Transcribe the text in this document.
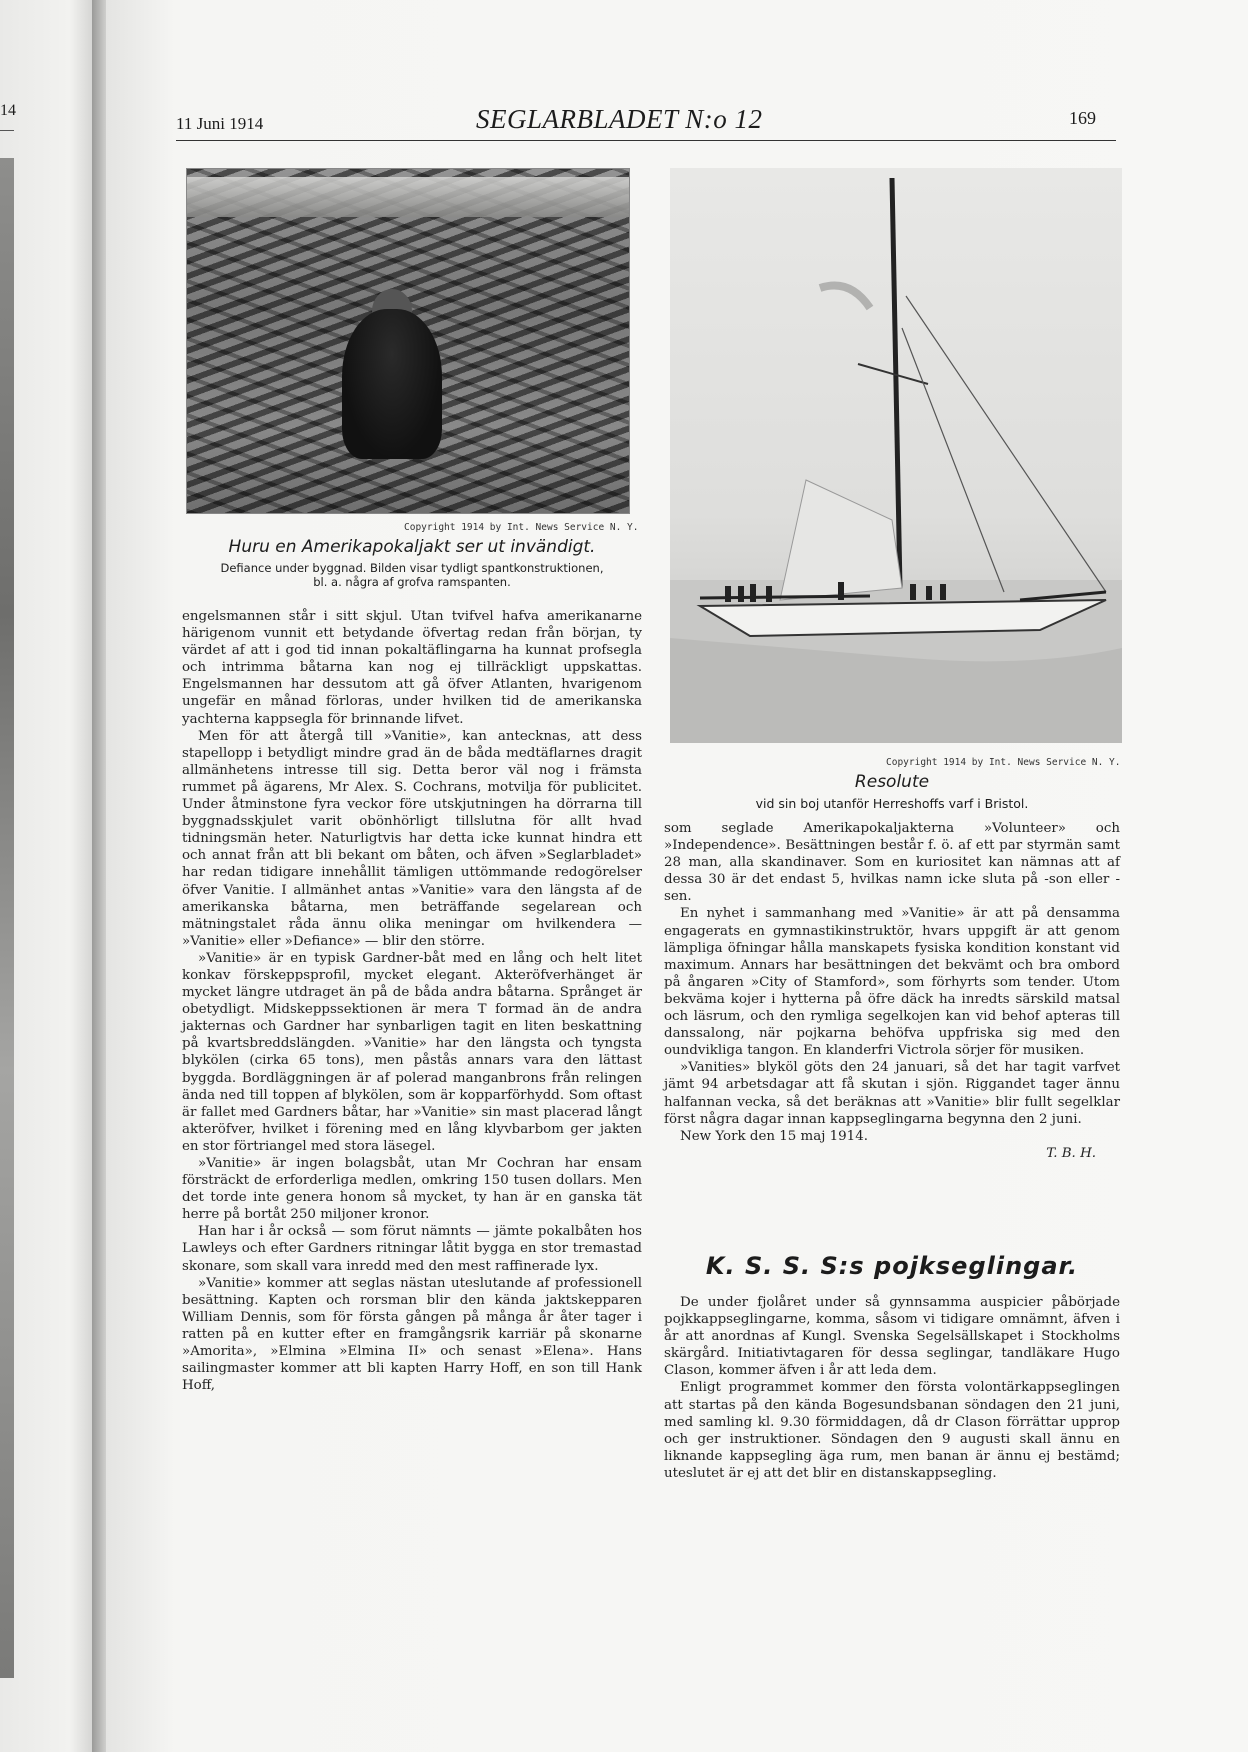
14
11 Juni 1914	SEGLARBLADET N:o 12	169
Copyright 1914 by Int. News Service N. Y.
Huru en Amerikapokaljakt ser ut invändigt.
Defiance under byggnad. Bilden visar tydligt spantkonstruktionen,
bl. a. några af grofva ramspanten.
Copyright 1914 by Int. News Service N. Y.
Resolute
vid sin boj utanför Herreshoffs varf i Bristol.

engelsmannen står i sitt skjul. Utan tvifvel hafva amerikanarne härigenom vunnit ett betydande öfvertag redan från början, ty värdet af att i god tid innan pokaltäflingarna ha kunnat profsegla och intrimma båtarna kan nog ej tillräckligt uppskattas. Engelsmannen har dessutom att gå öfver Atlanten, hvarigenom ungefär en månad förloras, under hvilken tid de amerikanska yachterna kappsegla för brinnande lifvet.

Men för att återgå till »Vanitie», kan antecknas, att dess stapellopp i betydligt mindre grad än de båda medtäflarnes dragit allmänhetens intresse till sig. Detta beror väl nog i främsta rummet på ägarens, Mr Alex. S. Cochrans, motvilja för publicitet. Under åtminstone fyra veckor före utskjutningen ha dörrarna till byggnadsskjulet varit obönhörligt tillslutna för allt hvad tidningsmän heter. Naturligtvis har detta icke kunnat hindra ett och annat från att bli bekant om båten, och äfven »Seglarbladet» har redan tidigare innehållit tämligen uttömmande redogörelser öfver Vanitie. I allmänhet antas »Vanitie» vara den längsta af de amerikanska båtarna, men beträffande segelarean och mätningstalet råda ännu olika meningar om hvilkendera — »Vanitie» eller »Defiance» — blir den större.

»Vanitie» är en typisk Gardner-båt med en lång och helt litet konkav förskeppsprofil, mycket elegant. Akteröfverhänget är mycket längre utdraget än på de båda andra båtarna. Språnget är obetydligt. Midskeppssektionen är mera T formad än de andra jakternas och Gardner har synbarligen tagit en liten beskattning på kvartsbreddslängden. »Vanitie» har den längsta och tyngsta blykölen (cirka 65 tons), men påstås annars vara den lättast byggda. Bordläggningen är af polerad manganbrons från relingen ända ned till toppen af blykölen, som är kopparförhydd. Som oftast är fallet med Gardners båtar, har »Vanitie» sin mast placerad långt akteröfver, hvilket i förening med en lång klyvbarbom ger jakten en stor förtriangel med stora läsegel.

»Vanitie» är ingen bolagsbåt, utan Mr Cochran har ensam försträckt de erforderliga medlen, omkring 150 tusen dollars. Men det torde inte genera honom så mycket, ty han är en ganska tät herre på bortåt 250 miljoner kronor.

Han har i år också — som förut nämnts — jämte pokalbåten hos Lawleys och efter Gardners ritningar låtit bygga en stor tremastad skonare, som skall vara inredd med den mest raffinerade lyx.

»Vanitie» kommer att seglas nästan uteslutande af professionell besättning. Kapten och rorsman blir den kända jaktskepparen William Dennis, som för första gången på många år åter tager i ratten på en kutter efter en framgångsrik karriär på skonarne »Amorita», »Elmina »Elmina II» och senast »Elena». Hans sailingmaster kommer att bli kapten Harry Hoff, en son till Hank Hoff,

som seglade Amerikapokaljakterna »Volunteer» och »Independence». Besättningen består f. ö. af ett par styrmän samt 28 man, alla skandinaver. Som en kuriositet kan nämnas att af dessa 30 är det endast 5, hvilkas namn icke sluta på -son eller -sen.

En nyhet i sammanhang med »Vanitie» är att på densamma engagerats en gymnastikinstruktör, hvars uppgift är att genom lämpliga öfningar hålla manskapets fysiska kondition konstant vid maximum. Annars har besättningen det bekvämt och bra ombord på ångaren »City of Stamford», som förhyrts som tender. Utom bekväma kojer i hytterna på öfre däck ha inredts särskild matsal och läsrum, och den rymliga segelkojen kan vid behof apteras till danssalong, när pojkarna behöfva uppfriska sig med den oundvikliga tangon. En klanderfri Victrola sörjer för musiken.

»Vanities» blyköl göts den 24 januari, så det har tagit varfvet jämt 94 arbetsdagar att få skutan i sjön. Riggandet tager ännu halfannan vecka, så det beräknas att »Vanitie» blir fullt segelklar först några dagar innan kappseglingarna begynna den 2 juni.

New York den 15 maj 1914.

T. B. H.

K. S. S. S:s pojkseglingar.

De under fjolåret under så gynnsamma auspicier påbörjade pojkkappseglingarne, komma, såsom vi tidigare omnämnt, äfven i år att anordnas af Kungl. Svenska Segelsällskapet i Stockholms skärgård. Initiativtagaren för dessa seglingar, tandläkare Hugo Clason, kommer äfven i år att leda dem.

Enligt programmet kommer den första volontärkappseglingen att startas på den kända Bogesundsbanan söndagen den 21 juni, med samling kl. 9.30 förmiddagen, då dr Clason förrättar upprop och ger instruktioner. Söndagen den 9 augusti skall ännu en liknande kappsegling äga rum, men banan är ännu ej bestämd; uteslutet är ej att det blir en distanskappsegling.
